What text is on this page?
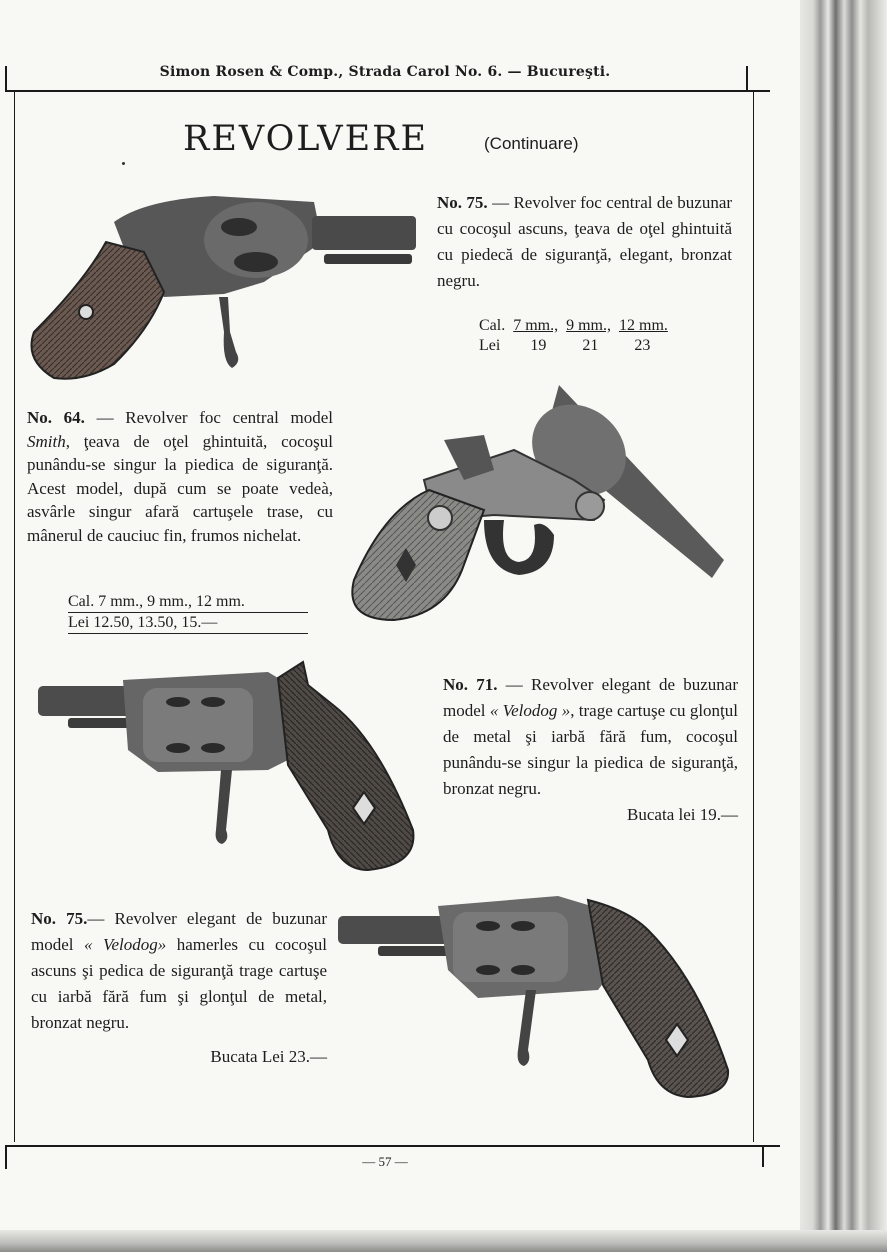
Simon Rosen & Comp., Strada Carol No. 6. — Bucureşti.
REVOLVERE	(Continuare)

No. 75. — Revolver foc central de buzunar cu cocoşul ascuns, ţeava de oţel ghintuită cu piedecă de siguranţă, elegant, bronzat negru.

Cal. 7 mm., 9 mm., 12 mm.
Lei 19 21 23

No. 64. — Revolver foc central model Smith, ţeava de oţel ghintuită, cocoşul punându-se singur la piedica de siguranţă. Acest model, după cum se poate vedeà, asvârle singur afară cartuşele trase, cu mânerul de cauciuc fin, frumos nichelat.

Cal. 7 mm., 9 mm., 12 mm.
Lei 12.50, 13.50, 15.—

No. 71. — Revolver elegant de buzunar model « Velodog », trage cartuşe cu glonţul de metal şi iarbă fără fum, cocoşul punându-se singur la piedica de siguranţă, bronzat negru.

Bucata lei 19.—

No. 75.— Revolver elegant de buzunar model « Velodog» hamerles cu cocoşul ascuns şi pedica de siguranţă trage cartuşe cu iarbă fără fum şi glonţul de metal, bronzat negru.

Bucata Lei 23.—

— 57 —
